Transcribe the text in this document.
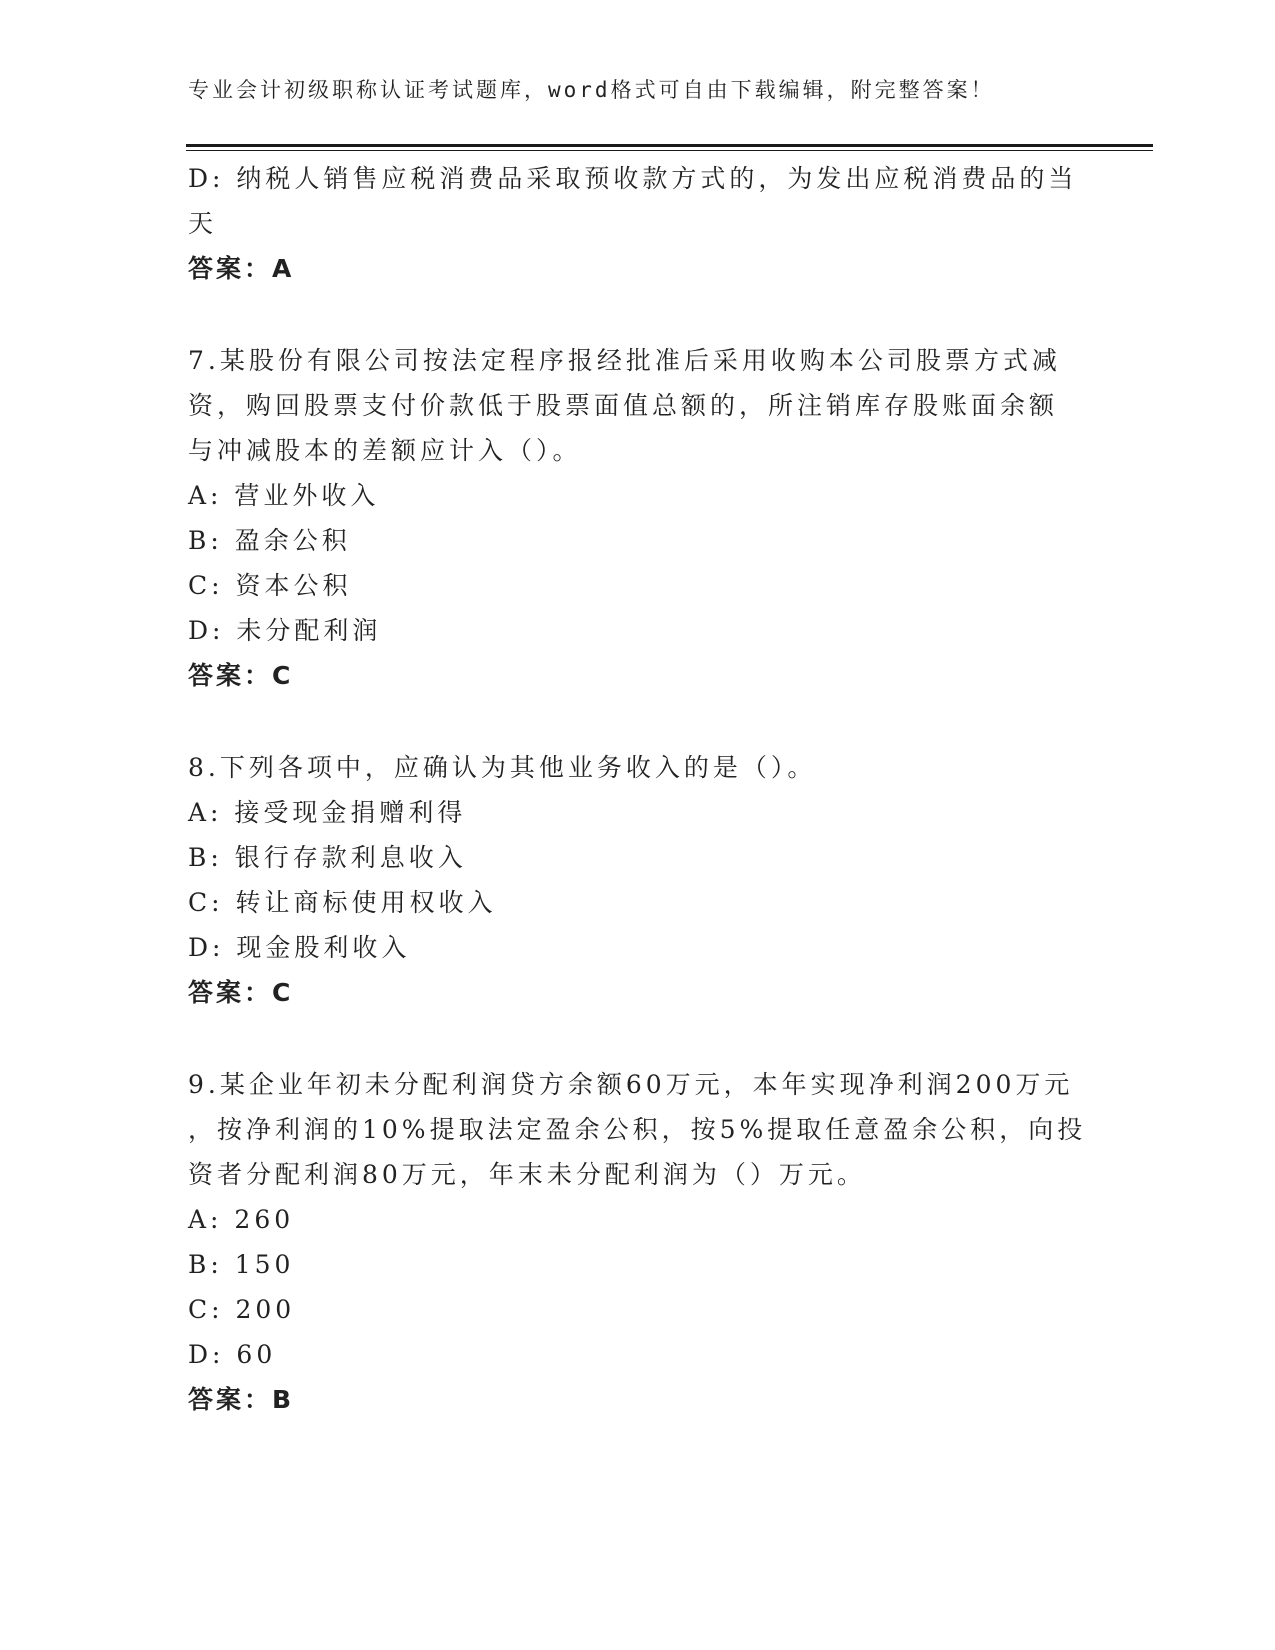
专业会计初级职称认证考试题库，word格式可自由下载编辑，附完整答案！
D: 纳税人销售应税消费品采取预收款方式的，为发出应税消费品的当
天
答案：A
7.某股份有限公司按法定程序报经批准后采用收购本公司股票方式减
资，购回股票支付价款低于股票面值总额的，所注销库存股账面余额
与冲减股本的差额应计入（）。
A: 营业外收入
B: 盈余公积
C: 资本公积
D: 未分配利润
答案：C
8.下列各项中，应确认为其他业务收入的是（）。
A: 接受现金捐赠利得
B: 银行存款利息收入
C: 转让商标使用权收入
D: 现金股利收入
答案：C
9.某企业年初未分配利润贷方余额60万元，本年实现净利润200万元
，按净利润的10%提取法定盈余公积，按5%提取任意盈余公积，向投
资者分配利润80万元，年末未分配利润为（）万元。
A: 260
B: 150
C: 200
D: 60
答案：B
